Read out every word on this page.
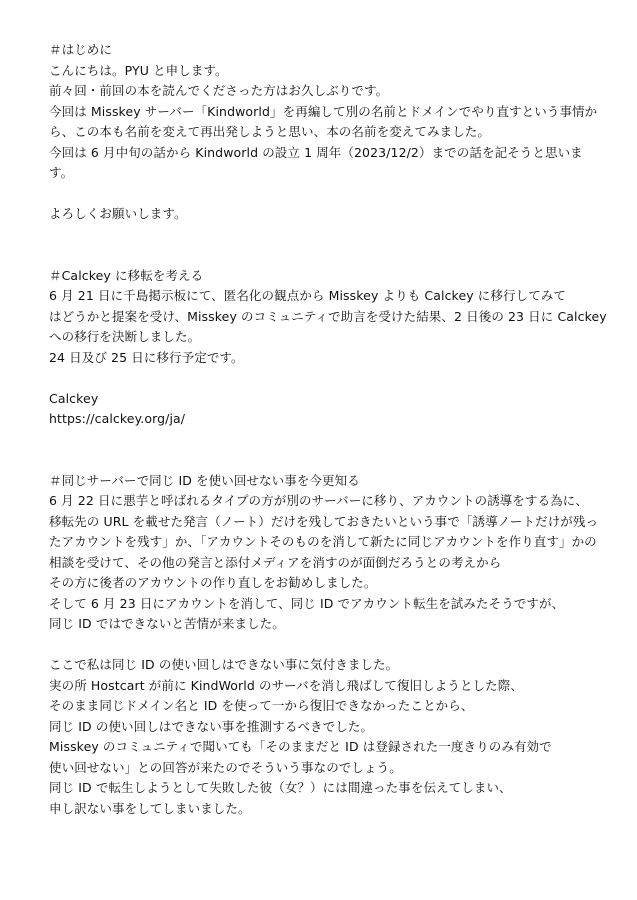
＃はじめに
こんにちは。PYU と申します。
前々回・前回の本を読んでくださった方はお久しぶりです。
今回は Misskey サーバー「Kindworld」を再編して別の名前とドメインでやり直すという事情か
ら、この本も名前を変えて再出発しようと思い、本の名前を変えてみました。
今回は 6 月中旬の話から Kindworld の設立 1 周年（2023/12/2）までの話を記そうと思いま
す。
よろしくお願いします。
＃Calckey に移転を考える
6 月 21 日に千島掲示板にて、匿名化の観点から Misskey よりも Calckey に移行してみて
はどうかと提案を受け、Misskey のコミュニティで助言を受けた結果、2 日後の 23 日に Calckey
への移行を決断しました。
24 日及び 25 日に移行予定です。
Calckey
https://calckey.org/ja/
＃同じサーバーで同じ ID を使い回せない事を今更知る
6 月 22 日に悪芋と呼ばれるタイプの方が別のサーバーに移り、アカウントの誘導をする為に、
移転先の URL を載せた発言（ノート）だけを残しておきたいという事で「誘導ノートだけが残っ
たアカウントを残す」か、「アカウントそのものを消して新たに同じアカウントを作り直す」かの
相談を受けて、その他の発言と添付メディアを消すのが面倒だろうとの考えから
その方に後者のアカウントの作り直しをお勧めしました。
そして 6 月 23 日にアカウントを消して、同じ ID でアカウント転生を試みたそうですが、
同じ ID ではできないと苦情が来ました。
ここで私は同じ ID の使い回しはできない事に気付きました。
実の所 Hostcart が前に KindWorld のサーバを消し飛ばして復旧しようとした際、
そのまま同じドメイン名と ID を使って一から復旧できなかったことから、
同じ ID の使い回しはできない事を推測するべきでした。
Misskey のコミュニティで聞いても「そのままだと ID は登録された一度きりのみ有効で
使い回せない」との回答が来たのでそういう事なのでしょう。
同じ ID で転生しようとして失敗した彼（女？）には間違った事を伝えてしまい、
申し訳ない事をしてしまいました。
